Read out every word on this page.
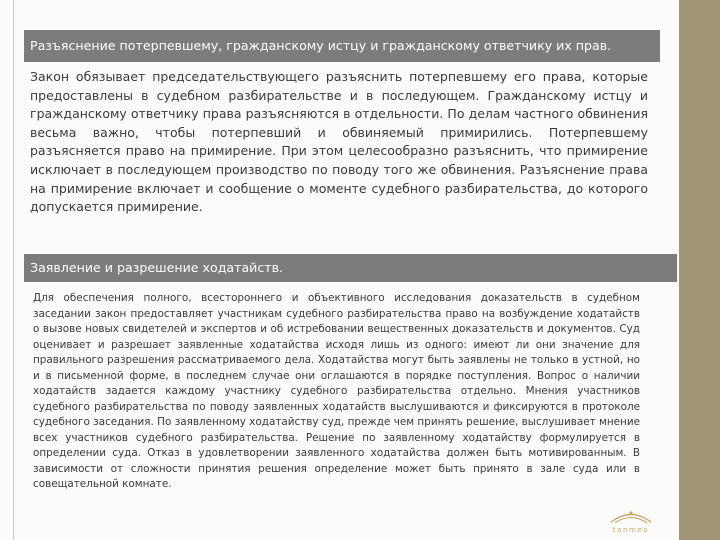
Разъяснение потерпевшему, гражданскому истцу и гражданскому ответчику их прав.
Закон обязывает председательствующего разъяснить потерпевшему его права, которые предоставлены в судебном разбирательстве и в последующем. Гражданскому истцу и гражданскому ответчику права разъясняются в отдельности. По делам частного обвинения весьма важно, чтобы потерпевший и обвиняемый примирились. Потерпевшему разъясняется право на примирение. При этом целесообразно разъяснить, что примирение исключает в последующем производство по поводу того же обвинения. Разъяснение права на примирение включает и сообщение о моменте судебного разбирательства, до которого допускается примирение.
Заявление и разрешение ходатайств.
Для обеспечения полного, всестороннего и объективного исследования доказательств в судебном заседании закон предоставляет участникам судебного разбирательства право на возбуждение ходатайств о вызове новых свидетелей и экспертов и об истребовании вещественных доказательств и документов. Суд оценивает и разрешает заявленные ходатайства исходя лишь из одного: имеют ли они значение для правильного разрешения рассматриваемого дела. Ходатайства могут быть заявлены не только в устной, но и в письменной форме, в последнем случае они оглашаются в порядке поступления. Вопрос о наличии ходатайств задается каждому участнику судебного разбирательства отдельно. Мнения участников судебного разбирательства по поводу заявленных ходатайств выслушиваются и фиксируются в протоколе судебного заседания. По заявленному ходатайству суд, прежде чем принять решение, выслушивает мнение всех участников судебного разбирательства. Решение по заявленному ходатайству формулируется в определении суда. Отказ в удовлетворении заявленного ходатайства должен быть мотивированным. В зависимости от сложности принятия решения определение может быть принято в зале суда или в совещательной комнате.
tanmeo
